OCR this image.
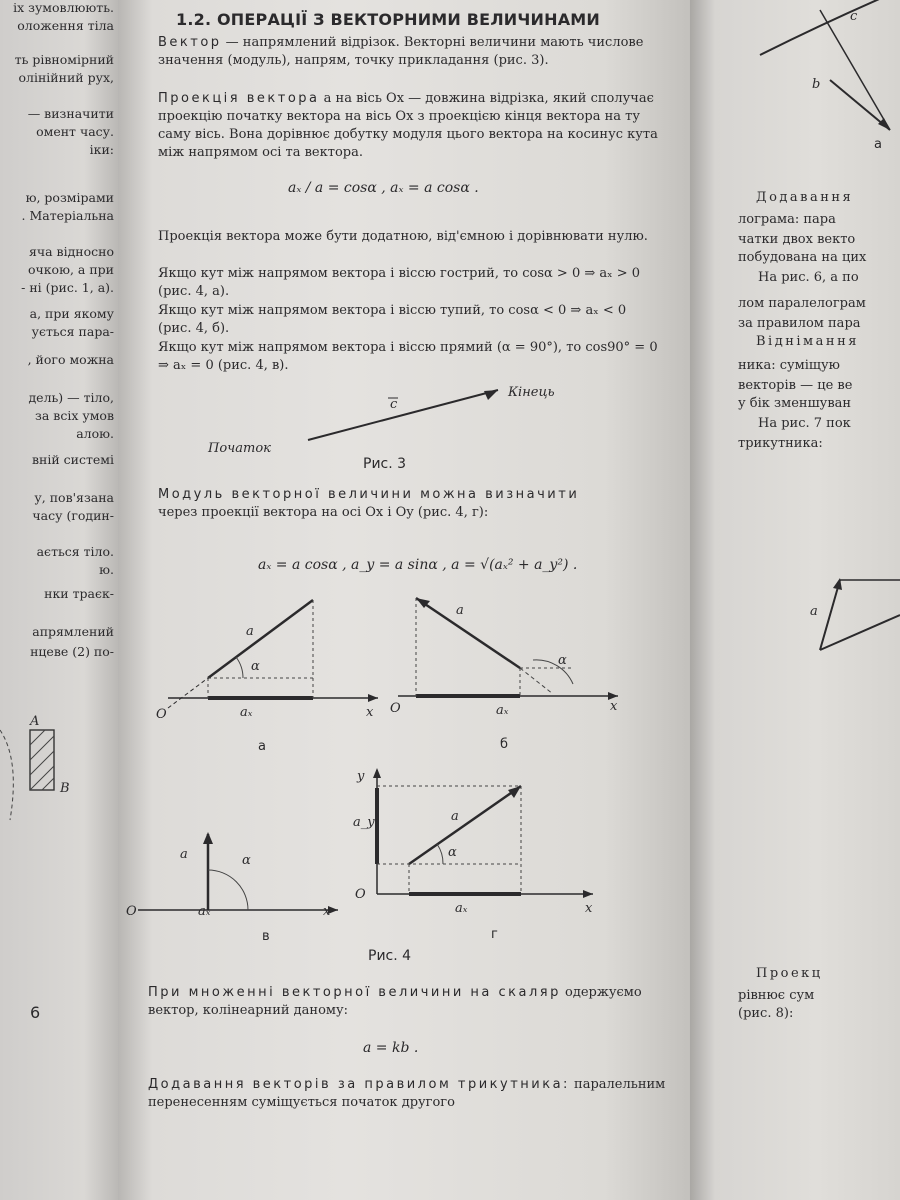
іх зумовлюють.
оложення тіла
ть рівномірний
олінійний рух,
— визначити
омент часу.
іки:
ю, розмірами
. Матеріальна
яча відносно
очкою, а при
- ні (рис. 1, а).
а, при якому
ується пара-
, його можна
дель) — тіло,
за всіх умов
алою.
вній системі
у, пов'язана
часу (годин-
ається тіло.
ю.
нки траєк-
апрямлений
нцеве (2) по-
A
B
6
1.2. ОПЕРАЦІЇ З ВЕКТОРНИМИ ВЕЛИЧИНАМИ
Вектор — напрямлений відрізок. Векторні величини мають числове значення (модуль), напрям, точку прикладання (рис. 3).
Проекція вектора a на вісь Ox — довжина відрізка, який сполучає проекцію початку вектора на вісь Ox з проекцією кінця вектора на ту саму вісь. Вона дорівнює добутку модуля цього вектора на косинус кута між напрямом осі та вектора.
aₓ / a = cosα , aₓ = a cosα .
Проекція вектора може бути додатною, від'ємною і дорівнювати нулю.
Якщо кут між напрямом вектора і віссю гострий, то cosα > 0 ⇒ aₓ > 0 (рис. 4, а).
Якщо кут між напрямом вектора і віссю тупий, то cosα < 0 ⇒ aₓ < 0 (рис. 4, б).
Якщо кут між напрямом вектора і віссю прямий (α = 90°), то cos90° = 0 ⇒ aₓ = 0 (рис. 4, в).
c
Кінець
Початок
Рис. 3
Модуль векторної величини можна визначити
через проекції вектора на осі Ox і Oy (рис. 4, г):
aₓ = a cosα , a_y = a sinα , a = √(aₓ² + a_y²) .
O	x
a
α
aₓ
а
O	x
a
α
aₓ
б
O	x
a	α
aₓ
в
O
x
y
a
α
aₓ
a_y
г
Рис. 4
При множенні векторної величини на скаляр одержуємо вектор, колінеарний даному:
a = kb .
Додавання векторів за правилом трикутника: паралельним перенесенням суміщується початок другого
c
b
a
Додавання
лограма: пара
чатки двох векто
побудована на цих
На рис. 6, а по
лом паралелограм
за правилом пара
Віднімання
ника: суміщую
векторів — це ве
у бік зменшуван
На рис. 7 пок
трикутника:
Проекц
рівнює сум
(рис. 8):
a
